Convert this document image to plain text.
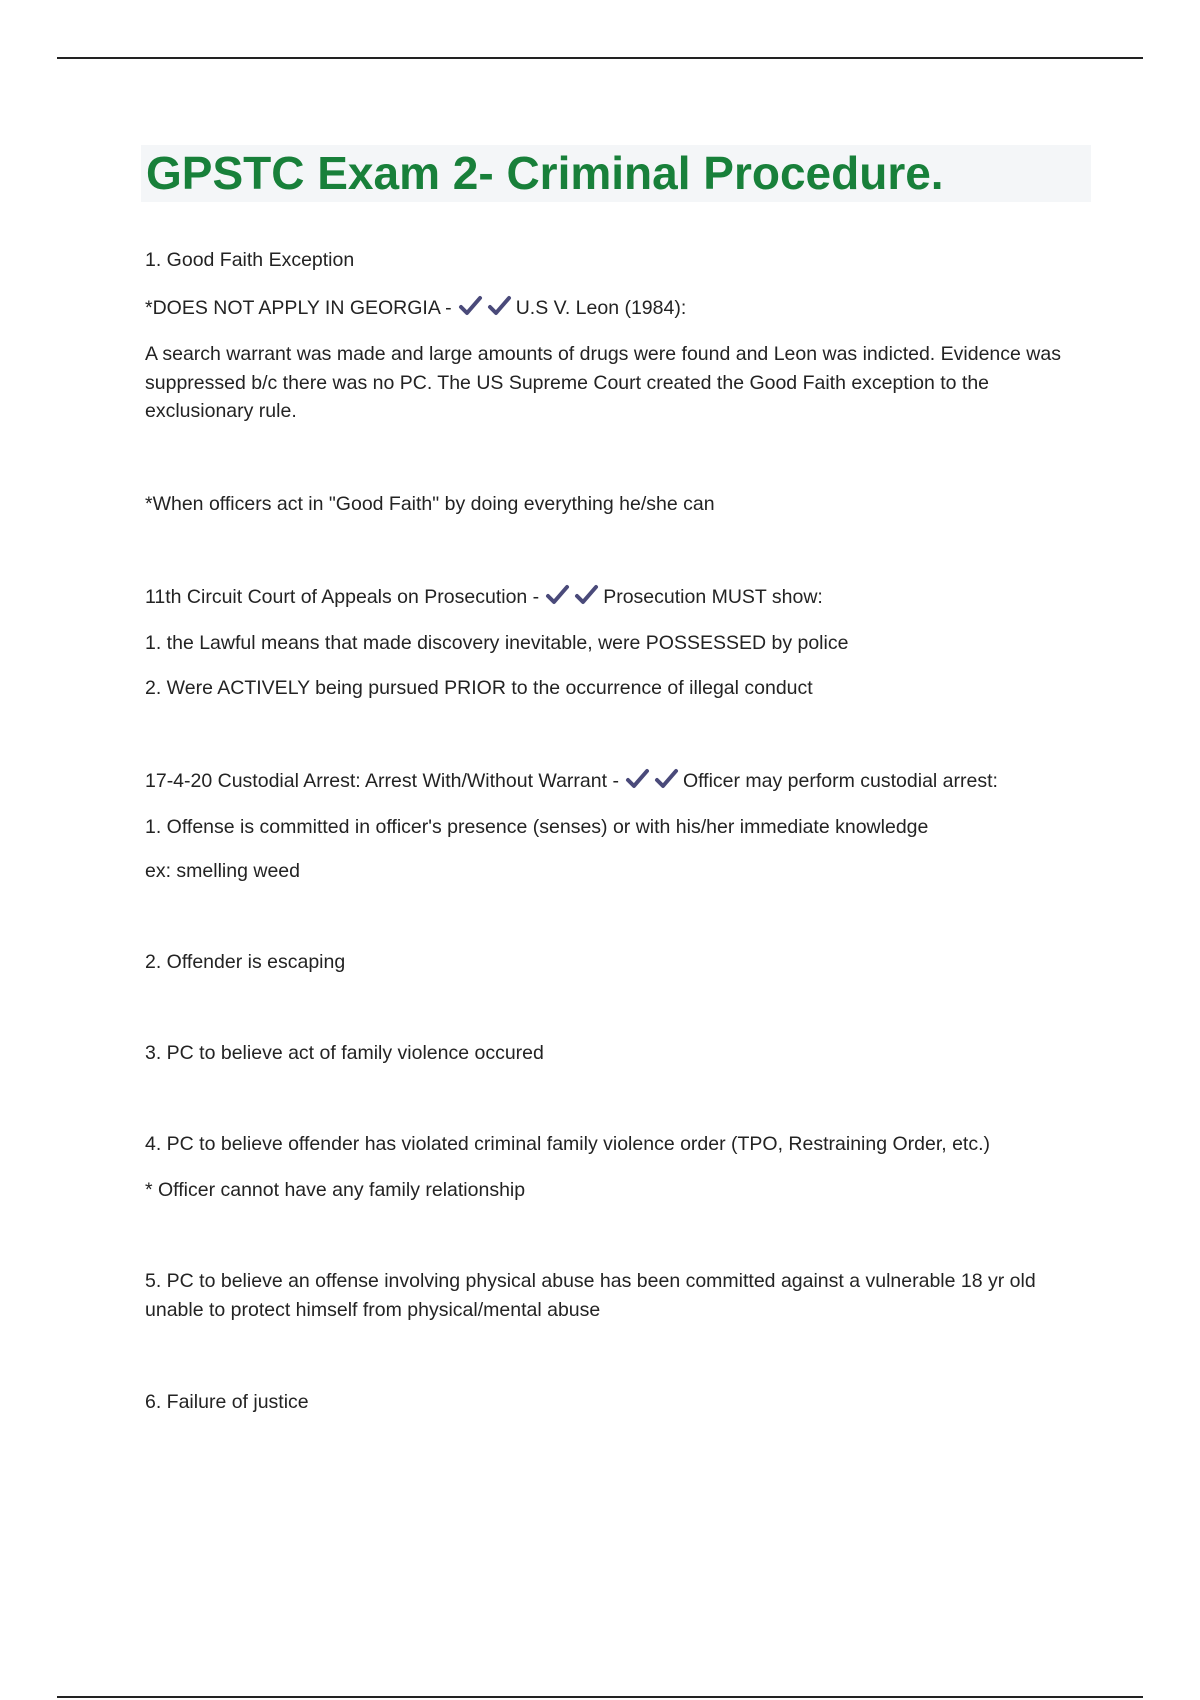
GPSTC Exam 2- Criminal Procedure.
1. Good Faith Exception
*DOES NOT APPLY IN GEORGIA -	U.S V. Leon (1984):
A search warrant was made and large amounts of drugs were found and Leon was indicted. Evidence was suppressed b/c there was no PC. The US Supreme Court created the Good Faith exception to the exclusionary rule.
*When officers act in "Good Faith" by doing everything he/she can
11th Circuit Court of Appeals on Prosecution -	Prosecution MUST show:
1. the Lawful means that made discovery inevitable, were POSSESSED by police
2. Were ACTIVELY being pursued PRIOR to the occurrence of illegal conduct
17-4-20 Custodial Arrest: Arrest With/Without Warrant -	Officer may perform custodial arrest:
1. Offense is committed in officer's presence (senses) or with his/her immediate knowledge
ex: smelling weed
2. Offender is escaping
3. PC to believe act of family violence occured
4. PC to believe offender has violated criminal family violence order (TPO, Restraining Order, etc.)
* Officer cannot have any family relationship
5. PC to believe an offense involving physical abuse has been committed against a vulnerable 18 yr old unable to protect himself from physical/mental abuse
6. Failure of justice
